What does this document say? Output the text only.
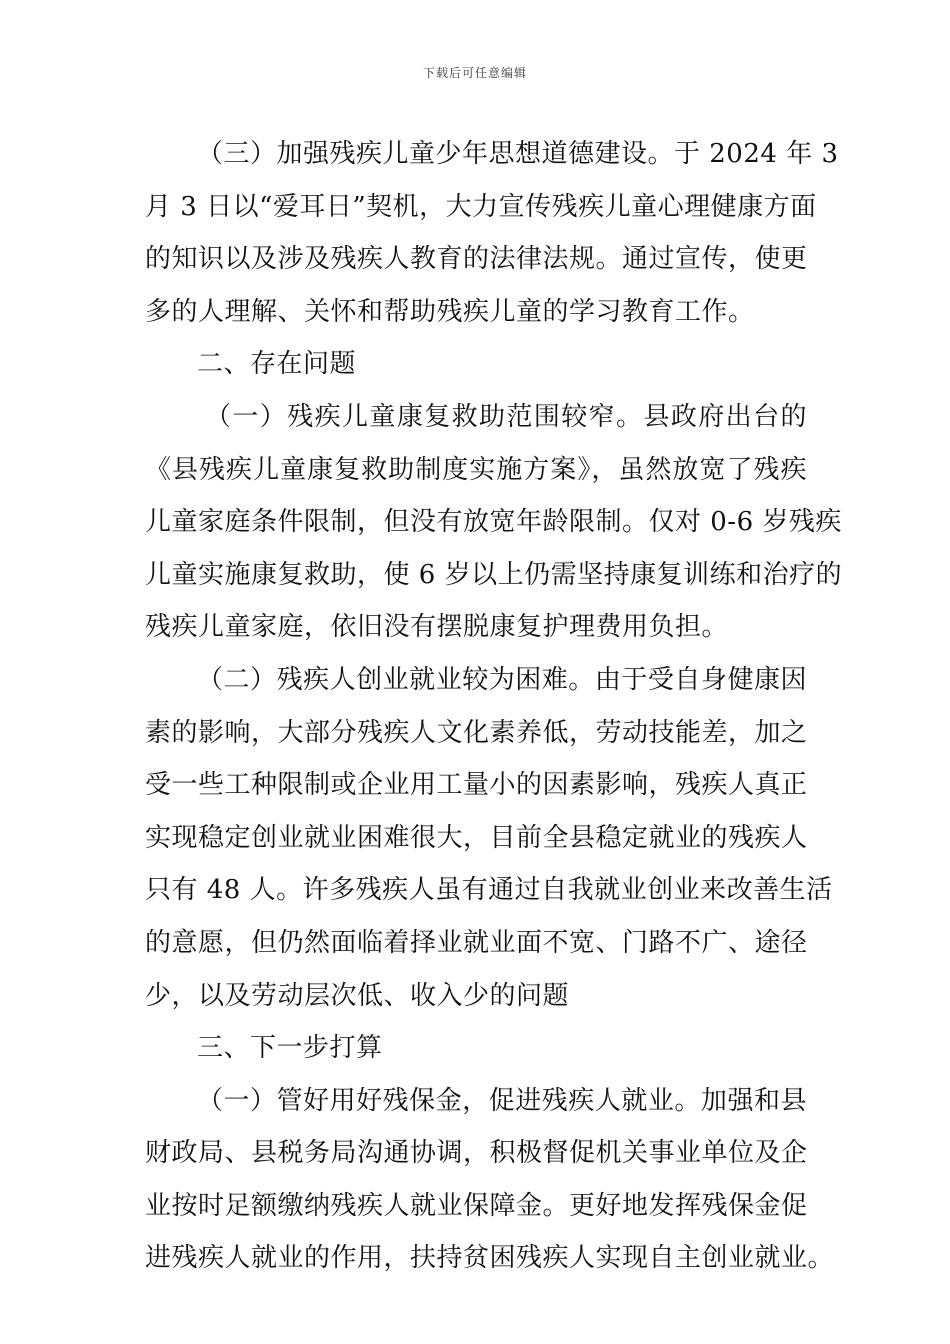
下载后可任意编辑
（三）加强残疾儿童少年思想道德建设。于 2024 年 3
月 3 日以“爱耳日”契机，大力宣传残疾儿童心理健康方面
的知识以及涉及残疾人教育的法律法规。通过宣传，使更
多的人理解、关怀和帮助残疾儿童的学习教育工作。
二、存在问题
（一）残疾儿童康复救助范围较窄。县政府出台的
《县残疾儿童康复救助制度实施方案》，虽然放宽了残疾
儿童家庭条件限制，但没有放宽年龄限制。仅对 0-6 岁残疾
儿童实施康复救助，使 6 岁以上仍需坚持康复训练和治疗的
残疾儿童家庭，依旧没有摆脱康复护理费用负担。
（二）残疾人创业就业较为困难。由于受自身健康因
素的影响，大部分残疾人文化素养低，劳动技能差，加之
受一些工种限制或企业用工量小的因素影响，残疾人真正
实现稳定创业就业困难很大，目前全县稳定就业的残疾人
只有 48 人。许多残疾人虽有通过自我就业创业来改善生活
的意愿，但仍然面临着择业就业面不宽、门路不广、途径
少，以及劳动层次低、收入少的问题
三、下一步打算
（一）管好用好残保金，促进残疾人就业。加强和县
财政局、县税务局沟通协调，积极督促机关事业单位及企
业按时足额缴纳残疾人就业保障金。更好地发挥残保金促
进残疾人就业的作用，扶持贫困残疾人实现自主创业就业。
